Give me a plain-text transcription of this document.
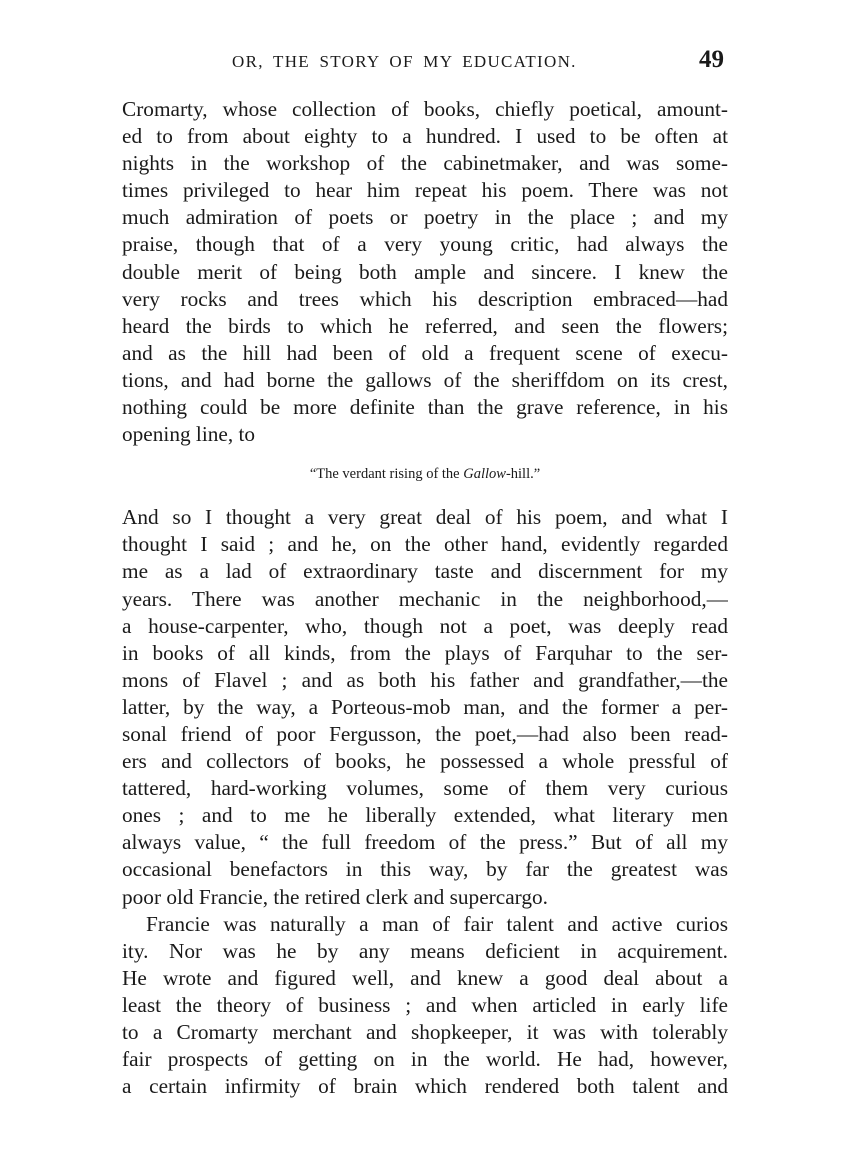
OR, THE STORY OF MY EDUCATION.	49
Cromarty, whose collection of books, chiefly poetical, amount-
ed to from about eighty to a hundred. I used to be often at
nights in the workshop of the cabinetmaker, and was some-
times privileged to hear him repeat his poem. There was not
much admiration of poets or poetry in the place ; and my
praise, though that of a very young critic, had always the
double merit of being both ample and sincere. I knew the
very rocks and trees which his description embraced—had
heard the birds to which he referred, and seen the flowers;
and as the hill had been of old a frequent scene of execu-
tions, and had borne the gallows of the sheriffdom on its crest,
nothing could be more definite than the grave reference, in his
opening line, to
“The verdant rising of the Gallow-hill.”
And so I thought a very great deal of his poem, and what I
thought I said ; and he, on the other hand, evidently regarded
me as a lad of extraordinary taste and discernment for my
years. There was another mechanic in the neighborhood,—
a house-carpenter, who, though not a poet, was deeply read
in books of all kinds, from the plays of Farquhar to the ser-
mons of Flavel ; and as both his father and grandfather,—the
latter, by the way, a Porteous-mob man, and the former a per-
sonal friend of poor Fergusson, the poet,—had also been read-
ers and collectors of books, he possessed a whole pressful of
tattered, hard-working volumes, some of them very curious
ones ; and to me he liberally extended, what literary men
always value, “ the full freedom of the press.” But of all my
occasional benefactors in this way, by far the greatest was
poor old Francie, the retired clerk and supercargo.
Francie was naturally a man of fair talent and active curios
ity. Nor was he by any means deficient in acquirement.
He wrote and figured well, and knew a good deal about a
least the theory of business ; and when articled in early life
to a Cromarty merchant and shopkeeper, it was with tolerably
fair prospects of getting on in the world. He had, however,
a certain infirmity of brain which rendered both talent and
